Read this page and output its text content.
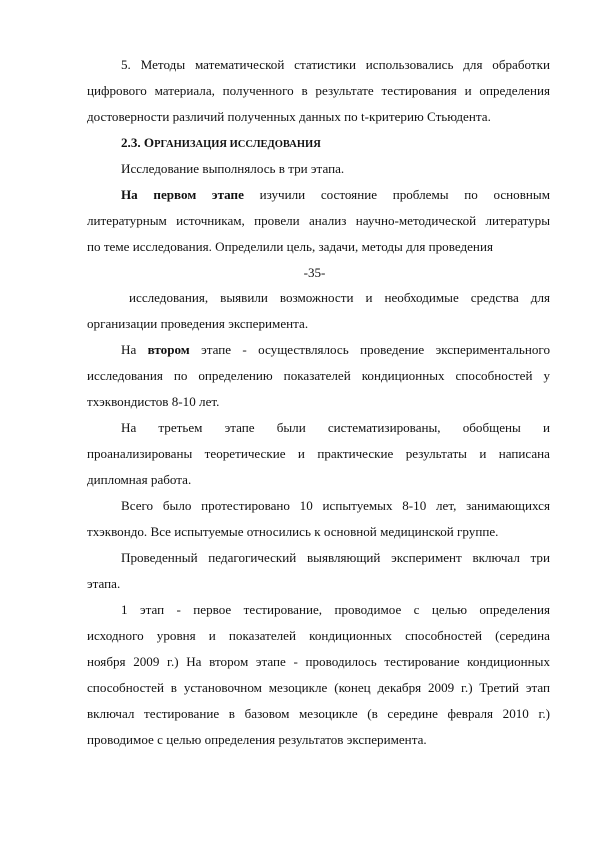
5. Методы математической статистики использовались для обработки
цифрового материала, полученного в результате тестирования и определения
достоверности различий полученных данных по t-критерию Стьюдента.
2.3. ОРГАНИЗАЦИЯ ИССЛЕДОВАНИЯ
Исследование выполнялось в три этапа.
На первом этапе изучили состояние проблемы по основным
литературным источникам, провели анализ научно-методической литературы
по теме исследования. Определили цель, задачи, методы для проведения
-35-
исследования, выявили возможности и необходимые средства для
организации проведения эксперимента.
На втором этапе - осуществлялось проведение экспериментального
исследования по определению показателей кондиционных способностей у
тхэквондистов 8-10 лет.
На третьем этапе были систематизированы, обобщены и
проанализированы теоретические и практические результаты и написана
дипломная работа.
Всего было протестировано 10 испытуемых 8-10 лет, занимающихся
тхэквондо. Все испытуемые относились к основной медицинской группе.
Проведенный педагогический выявляющий эксперимент включал три
этапа.
1 этап - первое тестирование, проводимое с целью определения
исходного уровня и показателей кондиционных способностей (середина
ноября 2009 г.) На втором этапе - проводилось тестирование кондиционных
способностей в установочном мезоцикле (конец декабря 2009 г.) Третий этап
включал тестирование в базовом мезоцикле (в середине февраля 2010 г.)
проводимое с целью определения результатов эксперимента.
